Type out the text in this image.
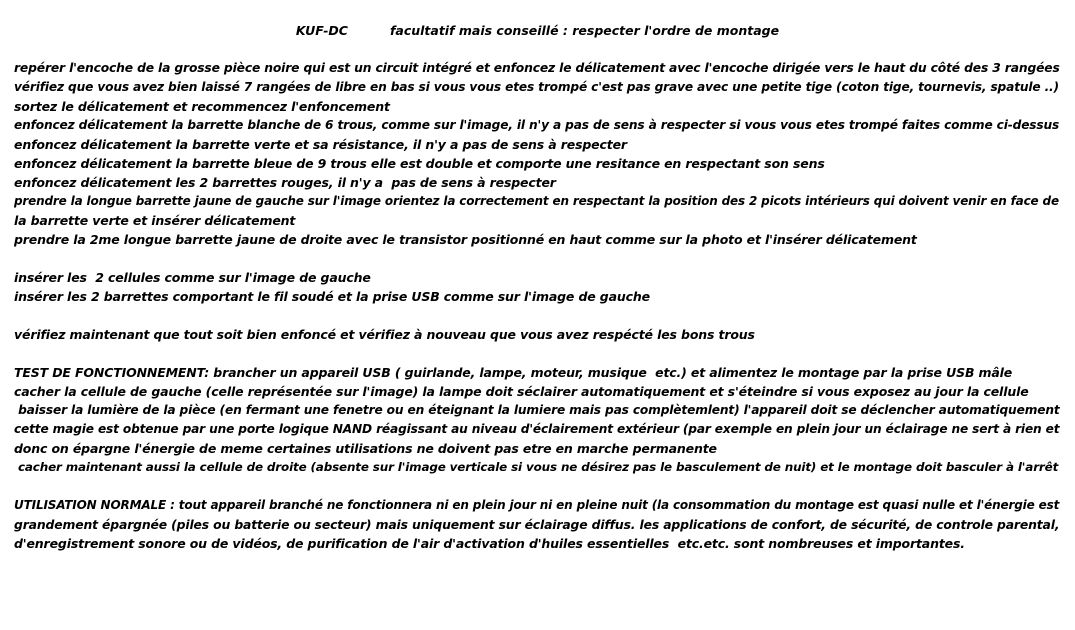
KUF-DC	facultatif mais conseillé : respecter l'ordre de montage
repérer l'encoche de la grosse pièce noire qui est un circuit intégré et enfoncez le délicatement avec l'encoche dirigée vers le haut du côté des 3 rangées
vérifiez que vous avez bien laissé 7 rangées de libre en bas si vous vous etes trompé c'est pas grave avec une petite tige (coton tige, tournevis, spatule ..)
sortez le délicatement et recommencez l'enfoncement
enfoncez délicatement la barrette blanche de 6 trous, comme sur l'image, il n'y a pas de sens à respecter si vous vous etes trompé faites comme ci-dessus
enfoncez délicatement la barrette verte et sa résistance, il n'y a pas de sens à respecter
enfoncez délicatement la barrette bleue de 9 trous elle est double et comporte une resitance en respectant son sens
enfoncez délicatement les 2 barrettes rouges, il n'y a  pas de sens à respecter
prendre la longue barrette jaune de gauche sur l'image orientez la correctement en respectant la position des 2 picots intérieurs qui doivent venir en face de
la barrette verte et insérer délicatement
prendre la 2me longue barrette jaune de droite avec le transistor positionné en haut comme sur la photo et l'insérer délicatement
insérer les  2 cellules comme sur l'image de gauche
insérer les 2 barrettes comportant le fil soudé et la prise USB comme sur l'image de gauche
vérifiez maintenant que tout soit bien enfoncé et vérifiez à nouveau que vous avez respécté les bons trous
TEST DE FONCTIONNEMENT: brancher un appareil USB ( guirlande, lampe, moteur, musique  etc.) et alimentez le montage par la prise USB mâle
cacher la cellule de gauche (celle représentée sur l'image) la lampe doit séclairer automatiquement et s'éteindre si vous exposez au jour la cellule
baisser la lumière de la pièce (en fermant une fenetre ou en éteignant la lumiere mais pas complètemlent) l'appareil doit se déclencher automatiquement
cette magie est obtenue par une porte logique NAND réagissant au niveau d'éclairement extérieur (par exemple en plein jour un éclairage ne sert à rien et
donc on épargne l'énergie de meme certaines utilisations ne doivent pas etre en marche permanente
cacher maintenant aussi la cellule de droite (absente sur l'image verticale si vous ne désirez pas le basculement de nuit) et le montage doit basculer à l'arrêt
UTILISATION NORMALE : tout appareil branché ne fonctionnera ni en plein jour ni en pleine nuit (la consommation du montage est quasi nulle et l'énergie est
grandement épargnée (piles ou batterie ou secteur) mais uniquement sur éclairage diffus. les applications de confort, de sécurité, de controle parental,
d'enregistrement sonore ou de vidéos, de purification de l'air d'activation d'huiles essentielles  etc.etc. sont nombreuses et importantes.
